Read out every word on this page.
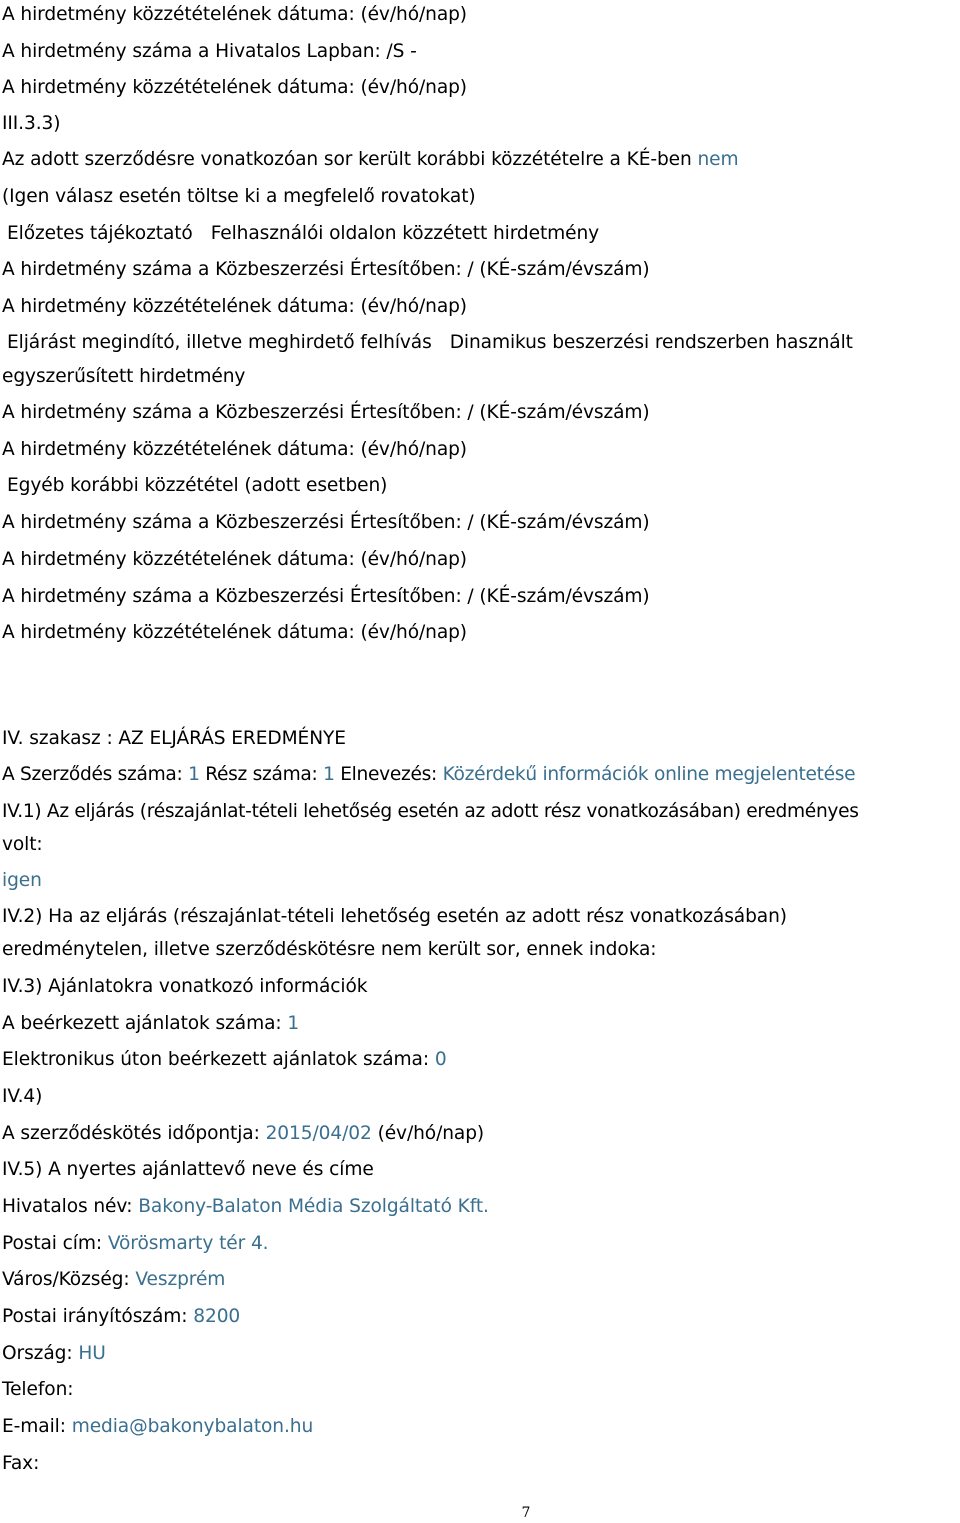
A hirdetmény közzétételének dátuma: (év/hó/nap)
A hirdetmény száma a Hivatalos Lapban: /S -
A hirdetmény közzétételének dátuma: (év/hó/nap)
III.3.3)
Az adott szerződésre vonatkozóan sor került korábbi közzétételre a KÉ-ben nem
(Igen válasz esetén töltse ki a megfelelő rovatokat)
Előzetes tájékoztató Felhasználói oldalon közzétett hirdetmény
A hirdetmény száma a Közbeszerzési Értesítőben: / (KÉ-szám/évszám)
A hirdetmény közzétételének dátuma: (év/hó/nap)
Eljárást megindító, illetve meghirdető felhívás Dinamikus beszerzési rendszerben használt
egyszerűsített hirdetmény
A hirdetmény száma a Közbeszerzési Értesítőben: / (KÉ-szám/évszám)
A hirdetmény közzétételének dátuma: (év/hó/nap)
Egyéb korábbi közzététel (adott esetben)
A hirdetmény száma a Közbeszerzési Értesítőben: / (KÉ-szám/évszám)
A hirdetmény közzétételének dátuma: (év/hó/nap)
A hirdetmény száma a Közbeszerzési Értesítőben: / (KÉ-szám/évszám)
A hirdetmény közzétételének dátuma: (év/hó/nap)
IV. szakasz : AZ ELJÁRÁS EREDMÉNYE
A Szerződés száma: 1 Rész száma: 1 Elnevezés: Közérdekű információk online megjelentetése
IV.1) Az eljárás (részajánlat-tételi lehetőség esetén az adott rész vonatkozásában) eredményes
volt:
igen
IV.2) Ha az eljárás (részajánlat-tételi lehetőség esetén az adott rész vonatkozásában)
eredménytelen, illetve szerződéskötésre nem került sor, ennek indoka:
IV.3) Ajánlatokra vonatkozó információk
A beérkezett ajánlatok száma: 1
Elektronikus úton beérkezett ajánlatok száma: 0
IV.4)
A szerződéskötés időpontja: 2015/04/02 (év/hó/nap)
IV.5) A nyertes ajánlattevő neve és címe
Hivatalos név: Bakony-Balaton Média Szolgáltató Kft.
Postai cím: Vörösmarty tér 4.
Város/Község: Veszprém
Postai irányítószám: 8200
Ország: HU
Telefon:
E-mail: media@bakonybalaton.hu
Fax:
7
